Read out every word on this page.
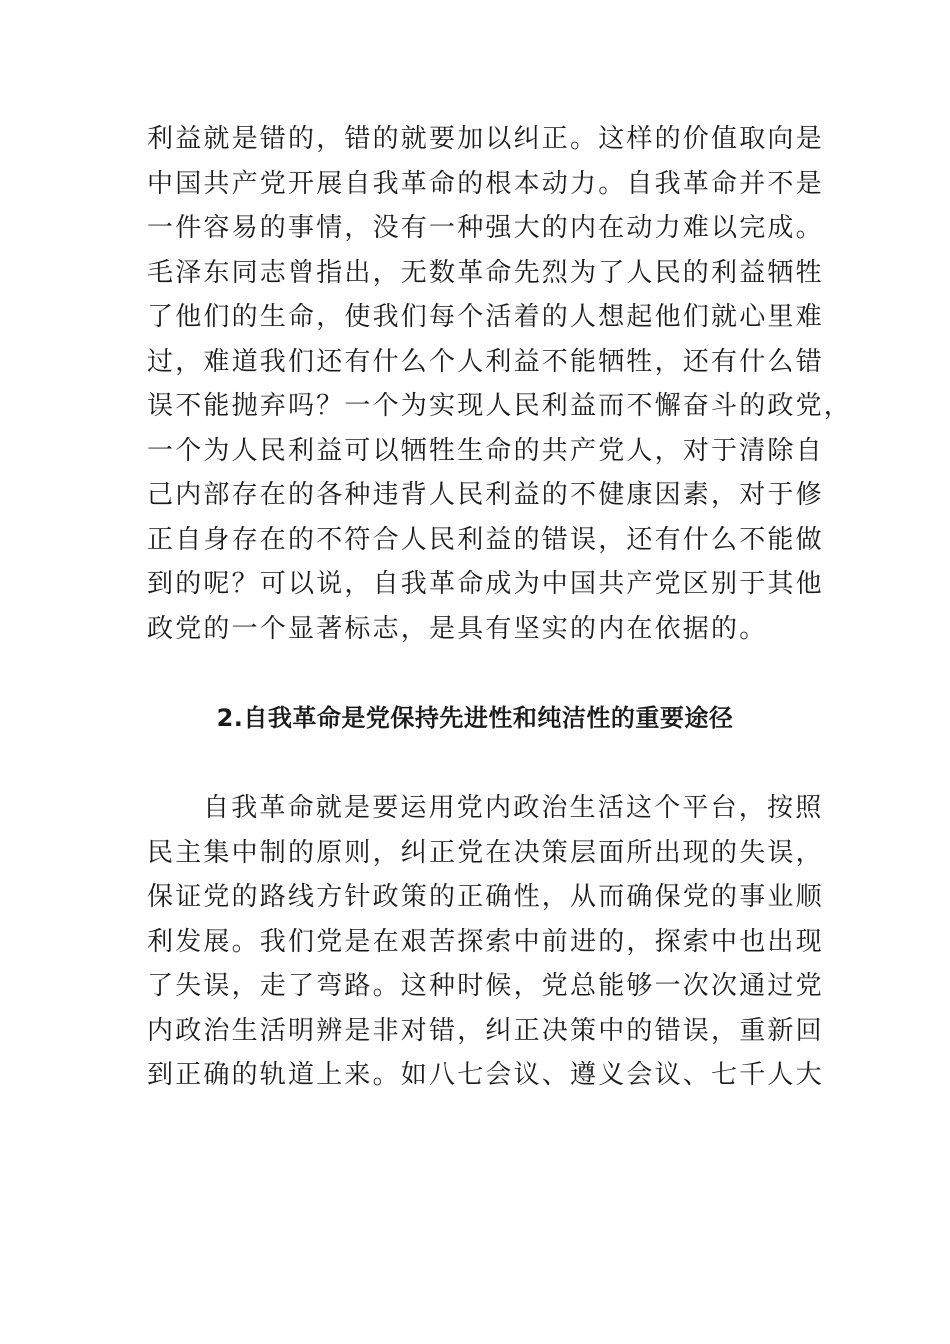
利益就是错的，错的就要加以纠正。这样的价值取向是
中国共产党开展自我革命的根本动力。自我革命并不是
一件容易的事情，没有一种强大的内在动力难以完成。
毛泽东同志曾指出，无数革命先烈为了人民的利益牺牲
了他们的生命，使我们每个活着的人想起他们就心里难
过，难道我们还有什么个人利益不能牺牲，还有什么错
误不能抛弃吗？一个为实现人民利益而不懈奋斗的政党，
一个为人民利益可以牺牲生命的共产党人，对于清除自
己内部存在的各种违背人民利益的不健康因素，对于修
正自身存在的不符合人民利益的错误，还有什么不能做
到的呢？可以说，自我革命成为中国共产党区别于其他
政党的一个显著标志，是具有坚实的内在依据的。
2.自我革命是党保持先进性和纯洁性的重要途径
自我革命就是要运用党内政治生活这个平台，按照
民主集中制的原则，纠正党在决策层面所出现的失误，
保证党的路线方针政策的正确性，从而确保党的事业顺
利发展。我们党是在艰苦探索中前进的，探索中也出现
了失误，走了弯路。这种时候，党总能够一次次通过党
内政治生活明辨是非对错，纠正决策中的错误，重新回
到正确的轨道上来。如八七会议、遵义会议、七千人大
